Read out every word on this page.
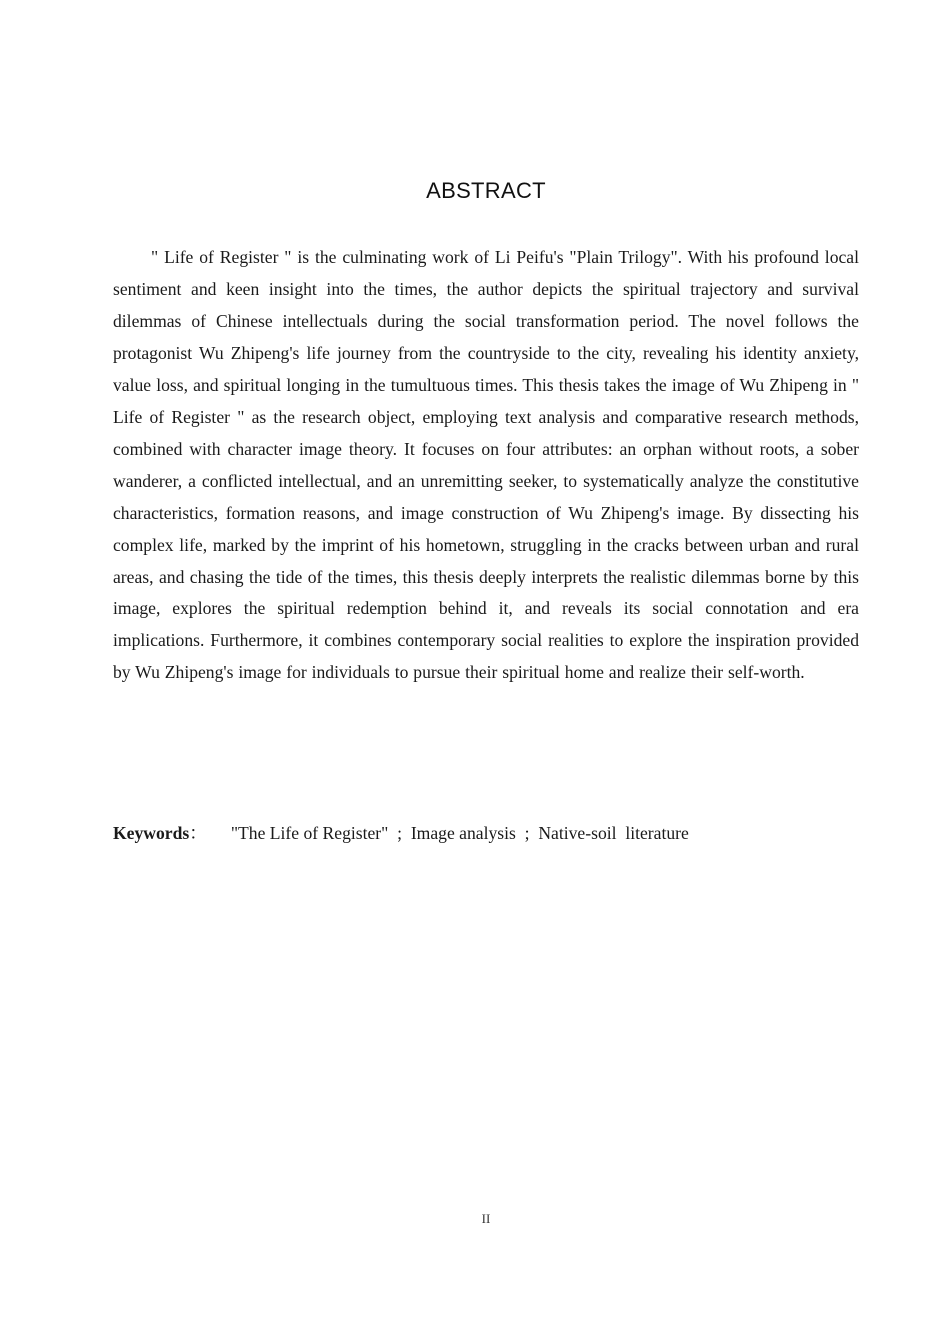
ABSTRACT

" Life of Register " is the culminating work of Li Peifu's "Plain Trilogy". With his profound local sentiment and keen insight into the times, the author depicts the spiritual trajectory and survival dilemmas of Chinese intellectuals during the social transformation period. The novel follows the protagonist Wu Zhipeng's life journey from the countryside to the city, revealing his identity anxiety, value loss, and spiritual longing in the tumultuous times. This thesis takes the image of Wu Zhipeng in " Life of Register " as the research object, employing text analysis and comparative research methods, combined with character image theory. It focuses on four attributes: an orphan without roots, a sober wanderer, a conflicted intellectual, and an unremitting seeker, to systematically analyze the constitutive characteristics, formation reasons, and image construction of Wu Zhipeng's image. By dissecting his complex life, marked by the imprint of his hometown, struggling in the cracks between urban and rural areas, and chasing the tide of the times, this thesis deeply interprets the realistic dilemmas borne by this image, explores the spiritual redemption behind it, and reveals its social connotation and era implications. Furthermore, it combines contemporary social realities to explore the inspiration provided by Wu Zhipeng's image for individuals to pursue their spiritual home and realize their self-worth.

Keywords： "The Life of Register"  ;  Image analysis  ;  Native-soil  literature
II
